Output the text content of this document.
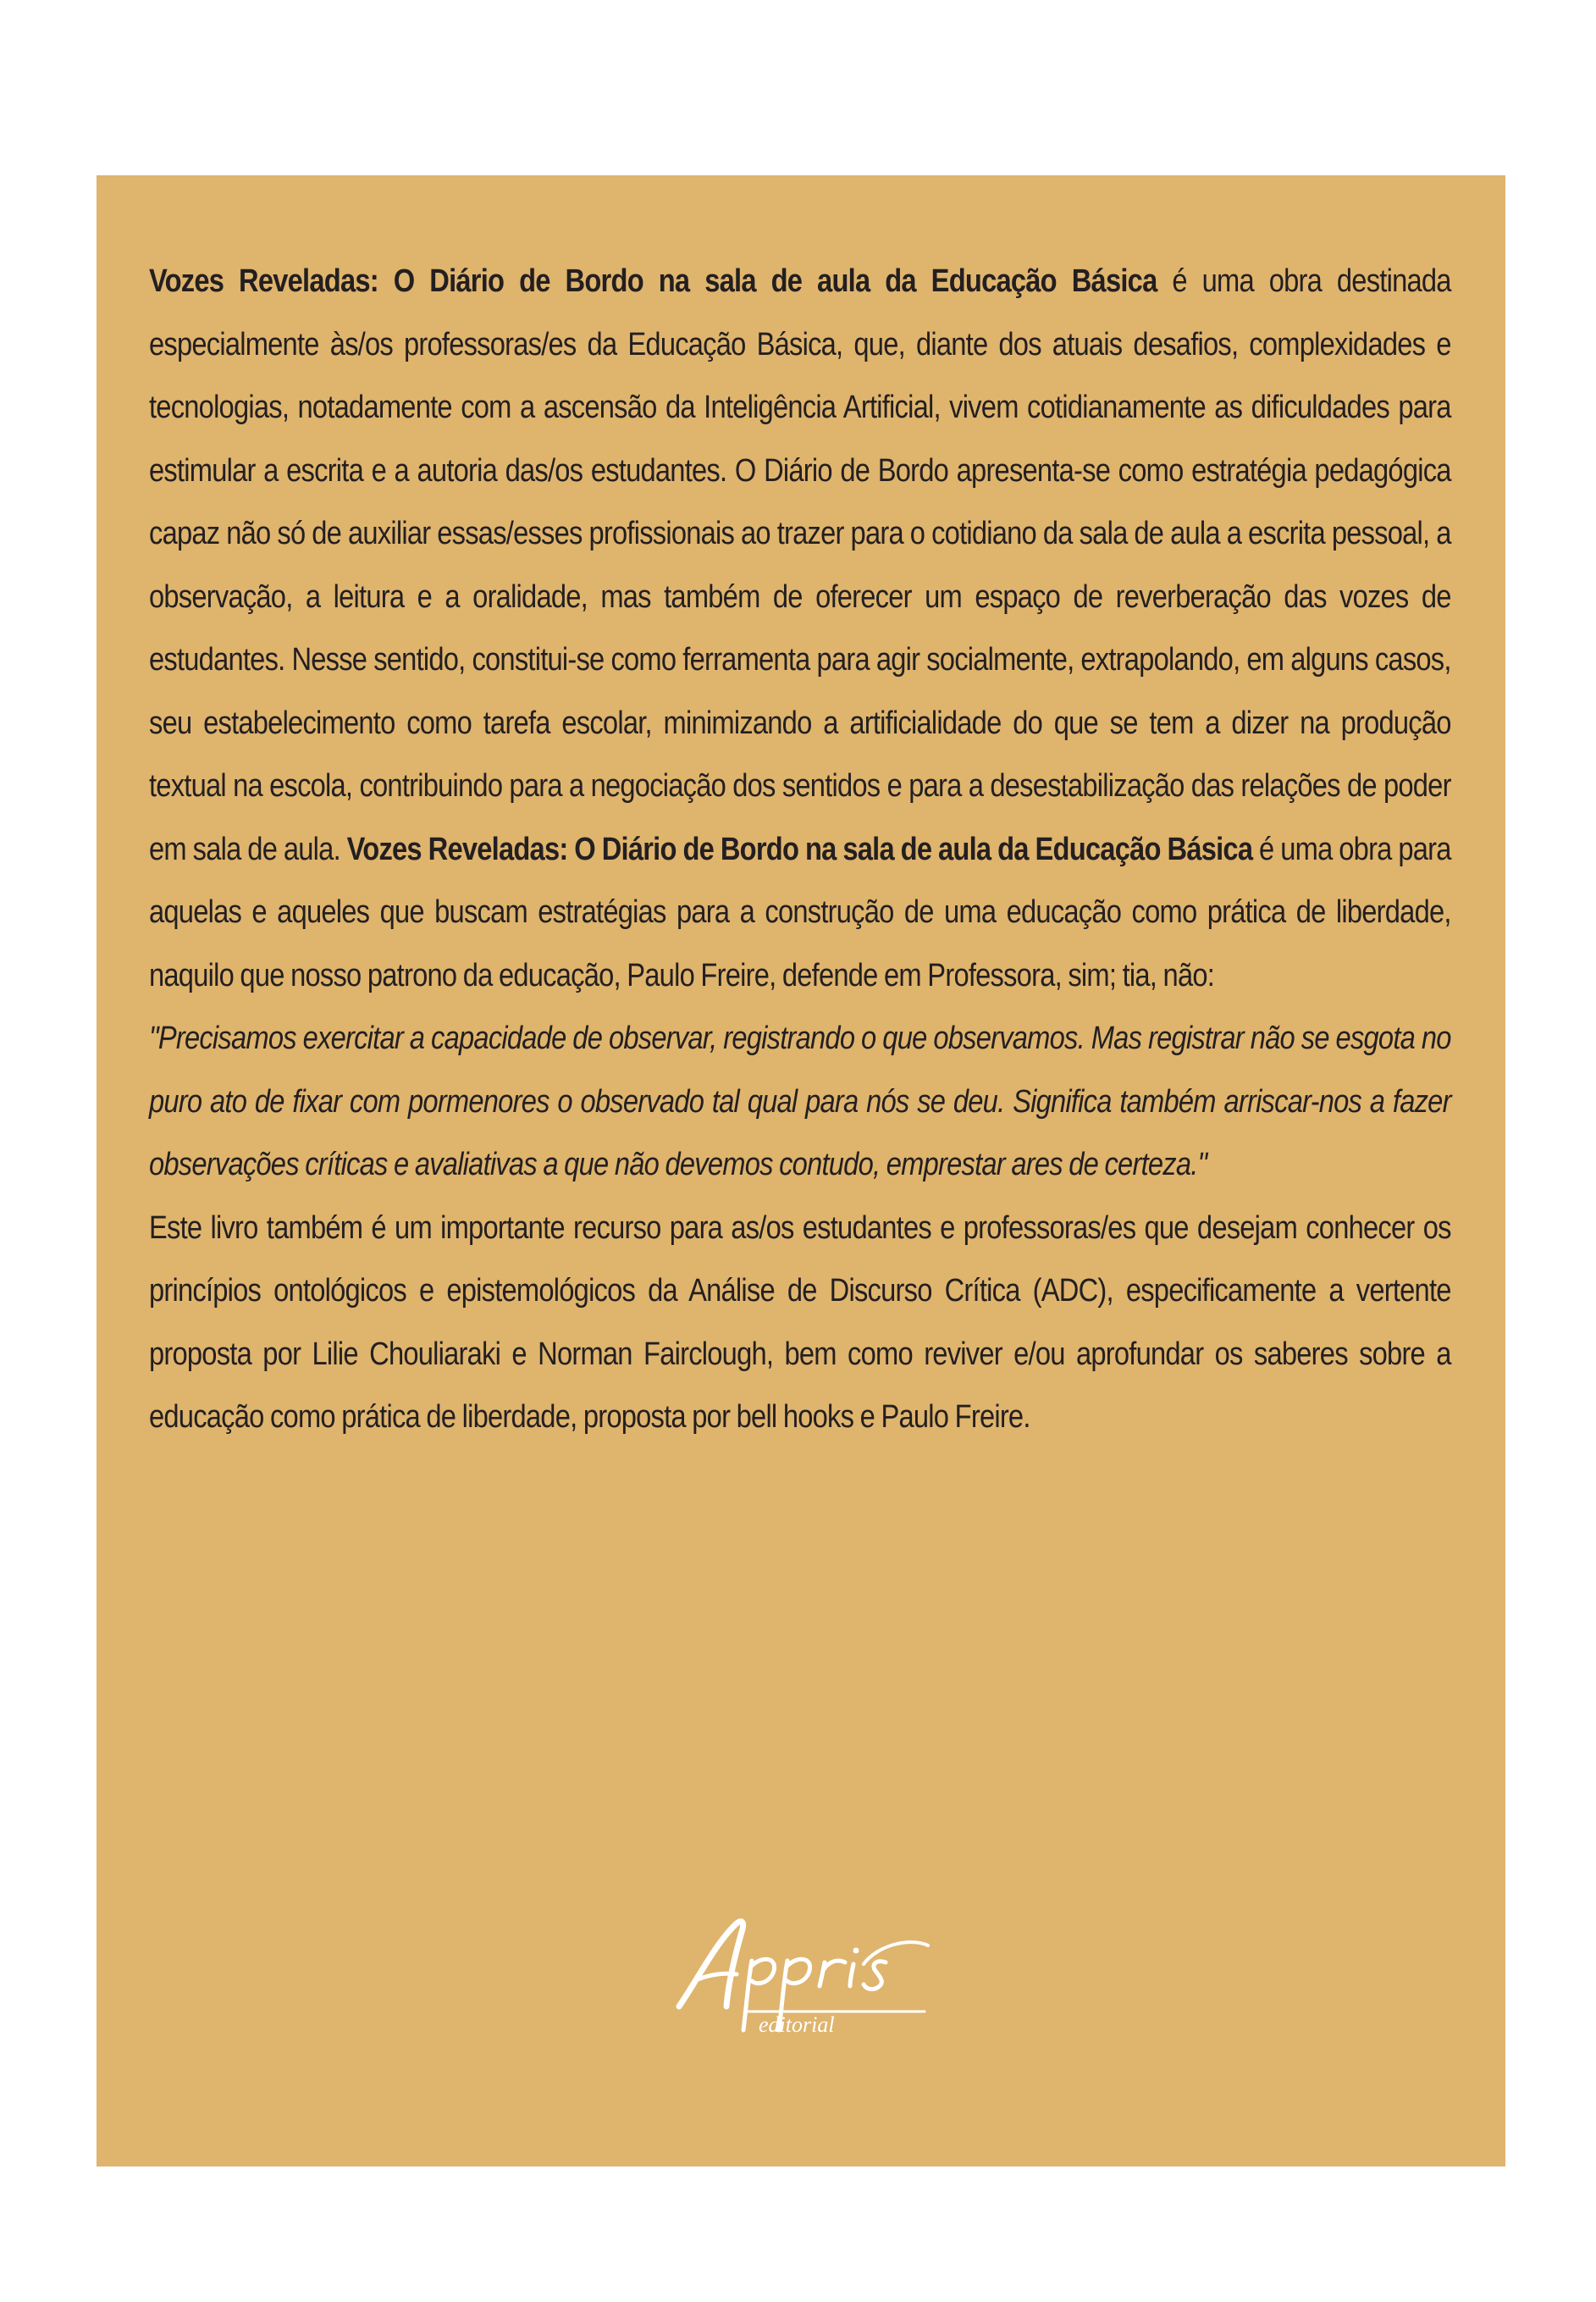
Vozes Reveladas: O Diário de Bordo na sala de aula da Educação Básica é uma obra destinada especialmente às/os professoras/es da Educação Básica, que, diante dos atuais desafios, complexidades e tecnologias, notadamente com a ascensão da Inteligência Artificial, vivem cotidianamente as dificuldades para estimular a escrita e a autoria das/os estudantes. O Diário de Bordo apresenta-se como estratégia pedagógica capaz não só de auxiliar essas/esses profissionais ao trazer para o cotidiano da sala de aula a escrita pessoal, a observação, a leitura e a oralidade, mas também de oferecer um espaço de reverberação das vozes de estudantes. Nesse sentido, constitui-se como ferramenta para agir socialmente, extrapolando, em alguns casos, seu estabelecimento como tarefa escolar, minimizando a artificialidade do que se tem a dizer na produção textual na escola, contribuindo para a negociação dos sentidos e para a desestabilização das relações de poder em sala de aula. Vozes Reveladas: O Diário de Bordo na sala de aula da Educação Básica é uma obra para aquelas e aqueles que buscam estratégias para a construção de uma educação como prática de liberdade, naquilo que nosso patrono da educação, Paulo Freire, defende em Professora, sim; tia, não:

"Precisamos exercitar a capacidade de observar, registrando o que observamos. Mas registrar não se esgota no puro ato de fixar com pormenores o observado tal qual para nós se deu. Significa também arriscar-nos a fazer observações críticas e avaliativas a que não devemos contudo, emprestar ares de certeza."

Este livro também é um importante recurso para as/os estudantes e professoras/es que desejam conhecer os princípios ontológicos e epistemológicos da Análise de Discurso Crítica (ADC), especificamente a vertente proposta por Lilie Chouliaraki e Norman Fairclough, bem como reviver e/ou aprofundar os saberes sobre a educação como prática de liberdade, proposta por bell hooks e Paulo Freire.

editorial
